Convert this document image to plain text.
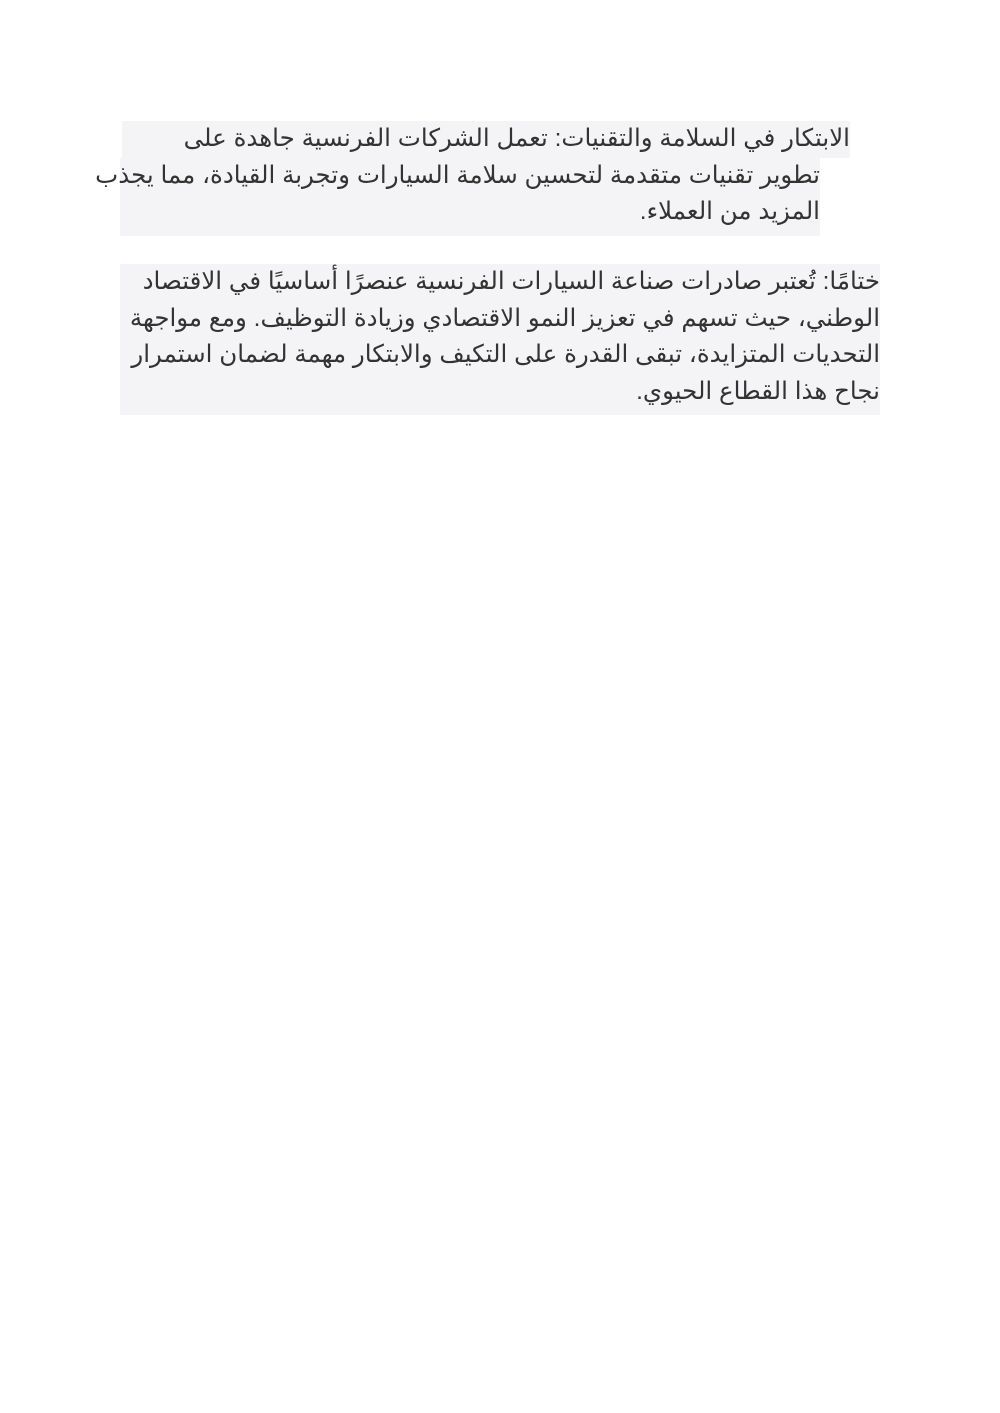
الابتكار في السلامة والتقنيات: تعمل الشركات الفرنسية جاهدة على
تطوير تقنيات متقدمة لتحسين سلامة السيارات وتجربة القيادة، مما يجذب
المزيد من العملاء.
ختامًا: تُعتبر صادرات صناعة السيارات الفرنسية عنصرًا أساسيًا في الاقتصاد
الوطني، حيث تسهم في تعزيز النمو الاقتصادي وزيادة التوظيف. ومع مواجهة
التحديات المتزايدة، تبقى القدرة على التكيف والابتكار مهمة لضمان استمرار
نجاح هذا القطاع الحيوي.
